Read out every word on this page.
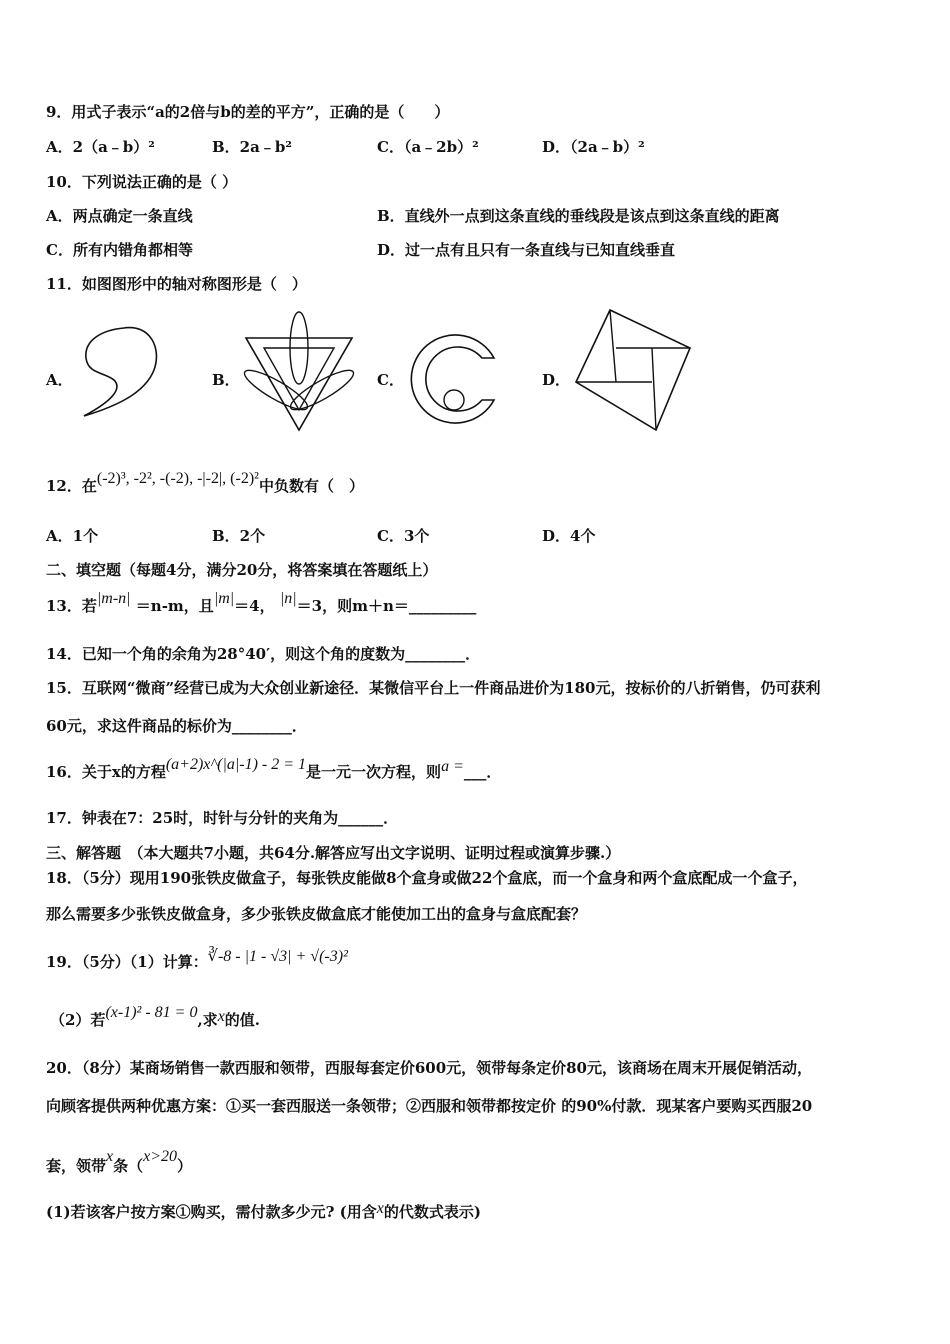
9．用式子表示“a的2倍与b的差的平方”，正确的是（　　）
A．2（a﹣b）²	B．2a﹣b²	C．（a﹣2b）²	D．（2a﹣b）²
10．下列说法正确的是（ ）
A．两点确定一条直线	B．直线外一点到这条直线的垂线段是该点到这条直线的距离
C．所有内错角都相等	D．过一点有且只有一条直线与已知直线垂直
11．如图图形中的轴对称图形是（　）
A．	B．	C．	D．
12．在(-2)³, -2², -(-2), -|-2|, (-2)²中负数有（　）
A．1个	B．2个	C．3个	D．4个
二、填空题（每题4分，满分20分，将答案填在答题纸上）
13．若|m-n| ＝n-m，且|m|＝4， |n|＝3，则m＋n＝_________
14．已知一个角的余角为28°40′，则这个角的度数为________．
15．互联网“微商”经营已成为大众创业新途径．某微信平台上一件商品进价为180元，按标价的八折销售，仍可获利
60元，求这件商品的标价为________．
16．关于x的方程(a+2)x^(|a|-1) - 2 = 1是一元一次方程，则a =___．
17．钟表在7：25时，时针与分针的夹角为______．
三、解答题　（本大题共7小题，共64分.解答应写出文字说明、证明过程或演算步骤.）
18．（5分）现用190张铁皮做盒子，每张铁皮能做8个盒身或做22个盒底，而一个盒身和两个盒底配成一个盒子，
那么需要多少张铁皮做盒身，多少张铁皮做盒底才能使加工出的盒身与盒底配套？
19．（5分）（1）计算：∛-8 - |1 - √3| + √(-3)²
（2）若(x-1)² - 81 = 0,求x的值.
20．（8分）某商场销售一款西服和领带，西服每套定价600元，领带每条定价80元，该商场在周末开展促销活动，
向顾客提供两种优惠方案：①买一套西服送一条领带；②西服和领带都按定价 的90%付款．现某客户要购买西服20
套，领带x条（x>20）
(1)若该客户按方案①购买，需付款多少元? (用含x的代数式表示)
